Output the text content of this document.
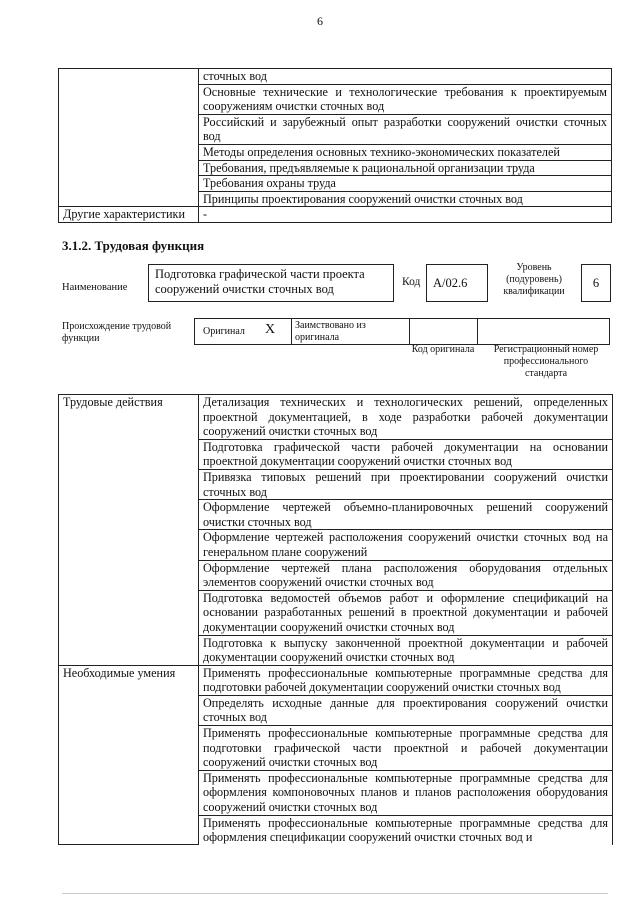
6
	сточных вод
	Основные технические и технологические требования к проектируемым сооружениям очистки сточных вод
	Российский и зарубежный опыт разработки сооружений очистки сточных вод
	Методы определения основных технико-экономических показателей
	Требования, предъявляемые к рациональной организации труда
	Требования охраны труда
	Принципы проектирования сооружений очистки сточных вод
Другие характеристики	-
3.1.2. Трудовая функция
Наименование
Подготовка графической части проекта сооружений очистки сточных вод	Код	A/02.6
Уровень (подуровень) квалификации
6
Происхождение трудовой функции
Оригинал X Заимствовано из оригинала
Код оригинала	Регистрационный номер профессионального стандарта
Трудовые действия	Детализация технических и технологических решений, определенных проектной документацией, в ходе разработки рабочей документации сооружений очистки сточных вод
	Подготовка графической части рабочей документации на основании проектной документации сооружений очистки сточных вод
	Привязка типовых решений при проектировании сооружений очистки сточных вод
	Оформление чертежей объемно-планировочных решений сооружений очистки сточных вод
	Оформление чертежей расположения сооружений очистки сточных вод на генеральном плане сооружений
	Оформление чертежей плана расположения оборудования отдельных элементов сооружений очистки сточных вод
	Подготовка ведомостей объемов работ и оформление спецификаций на основании разработанных решений в проектной документации и рабочей документации сооружений очистки сточных вод
	Подготовка к выпуску законченной проектной документации и рабочей документации сооружений очистки сточных вод
Необходимые умения	Применять профессиональные компьютерные программные средства для подготовки рабочей документации сооружений очистки сточных вод
	Определять исходные данные для проектирования сооружений очистки сточных вод
	Применять профессиональные компьютерные программные средства для подготовки графической части проектной и рабочей документации сооружений очистки сточных вод
	Применять профессиональные компьютерные программные средства для оформления компоновочных планов и планов расположения оборудования сооружений очистки сточных вод
	Применять профессиональные компьютерные программные средства для оформления спецификации сооружений очистки сточных вод и
